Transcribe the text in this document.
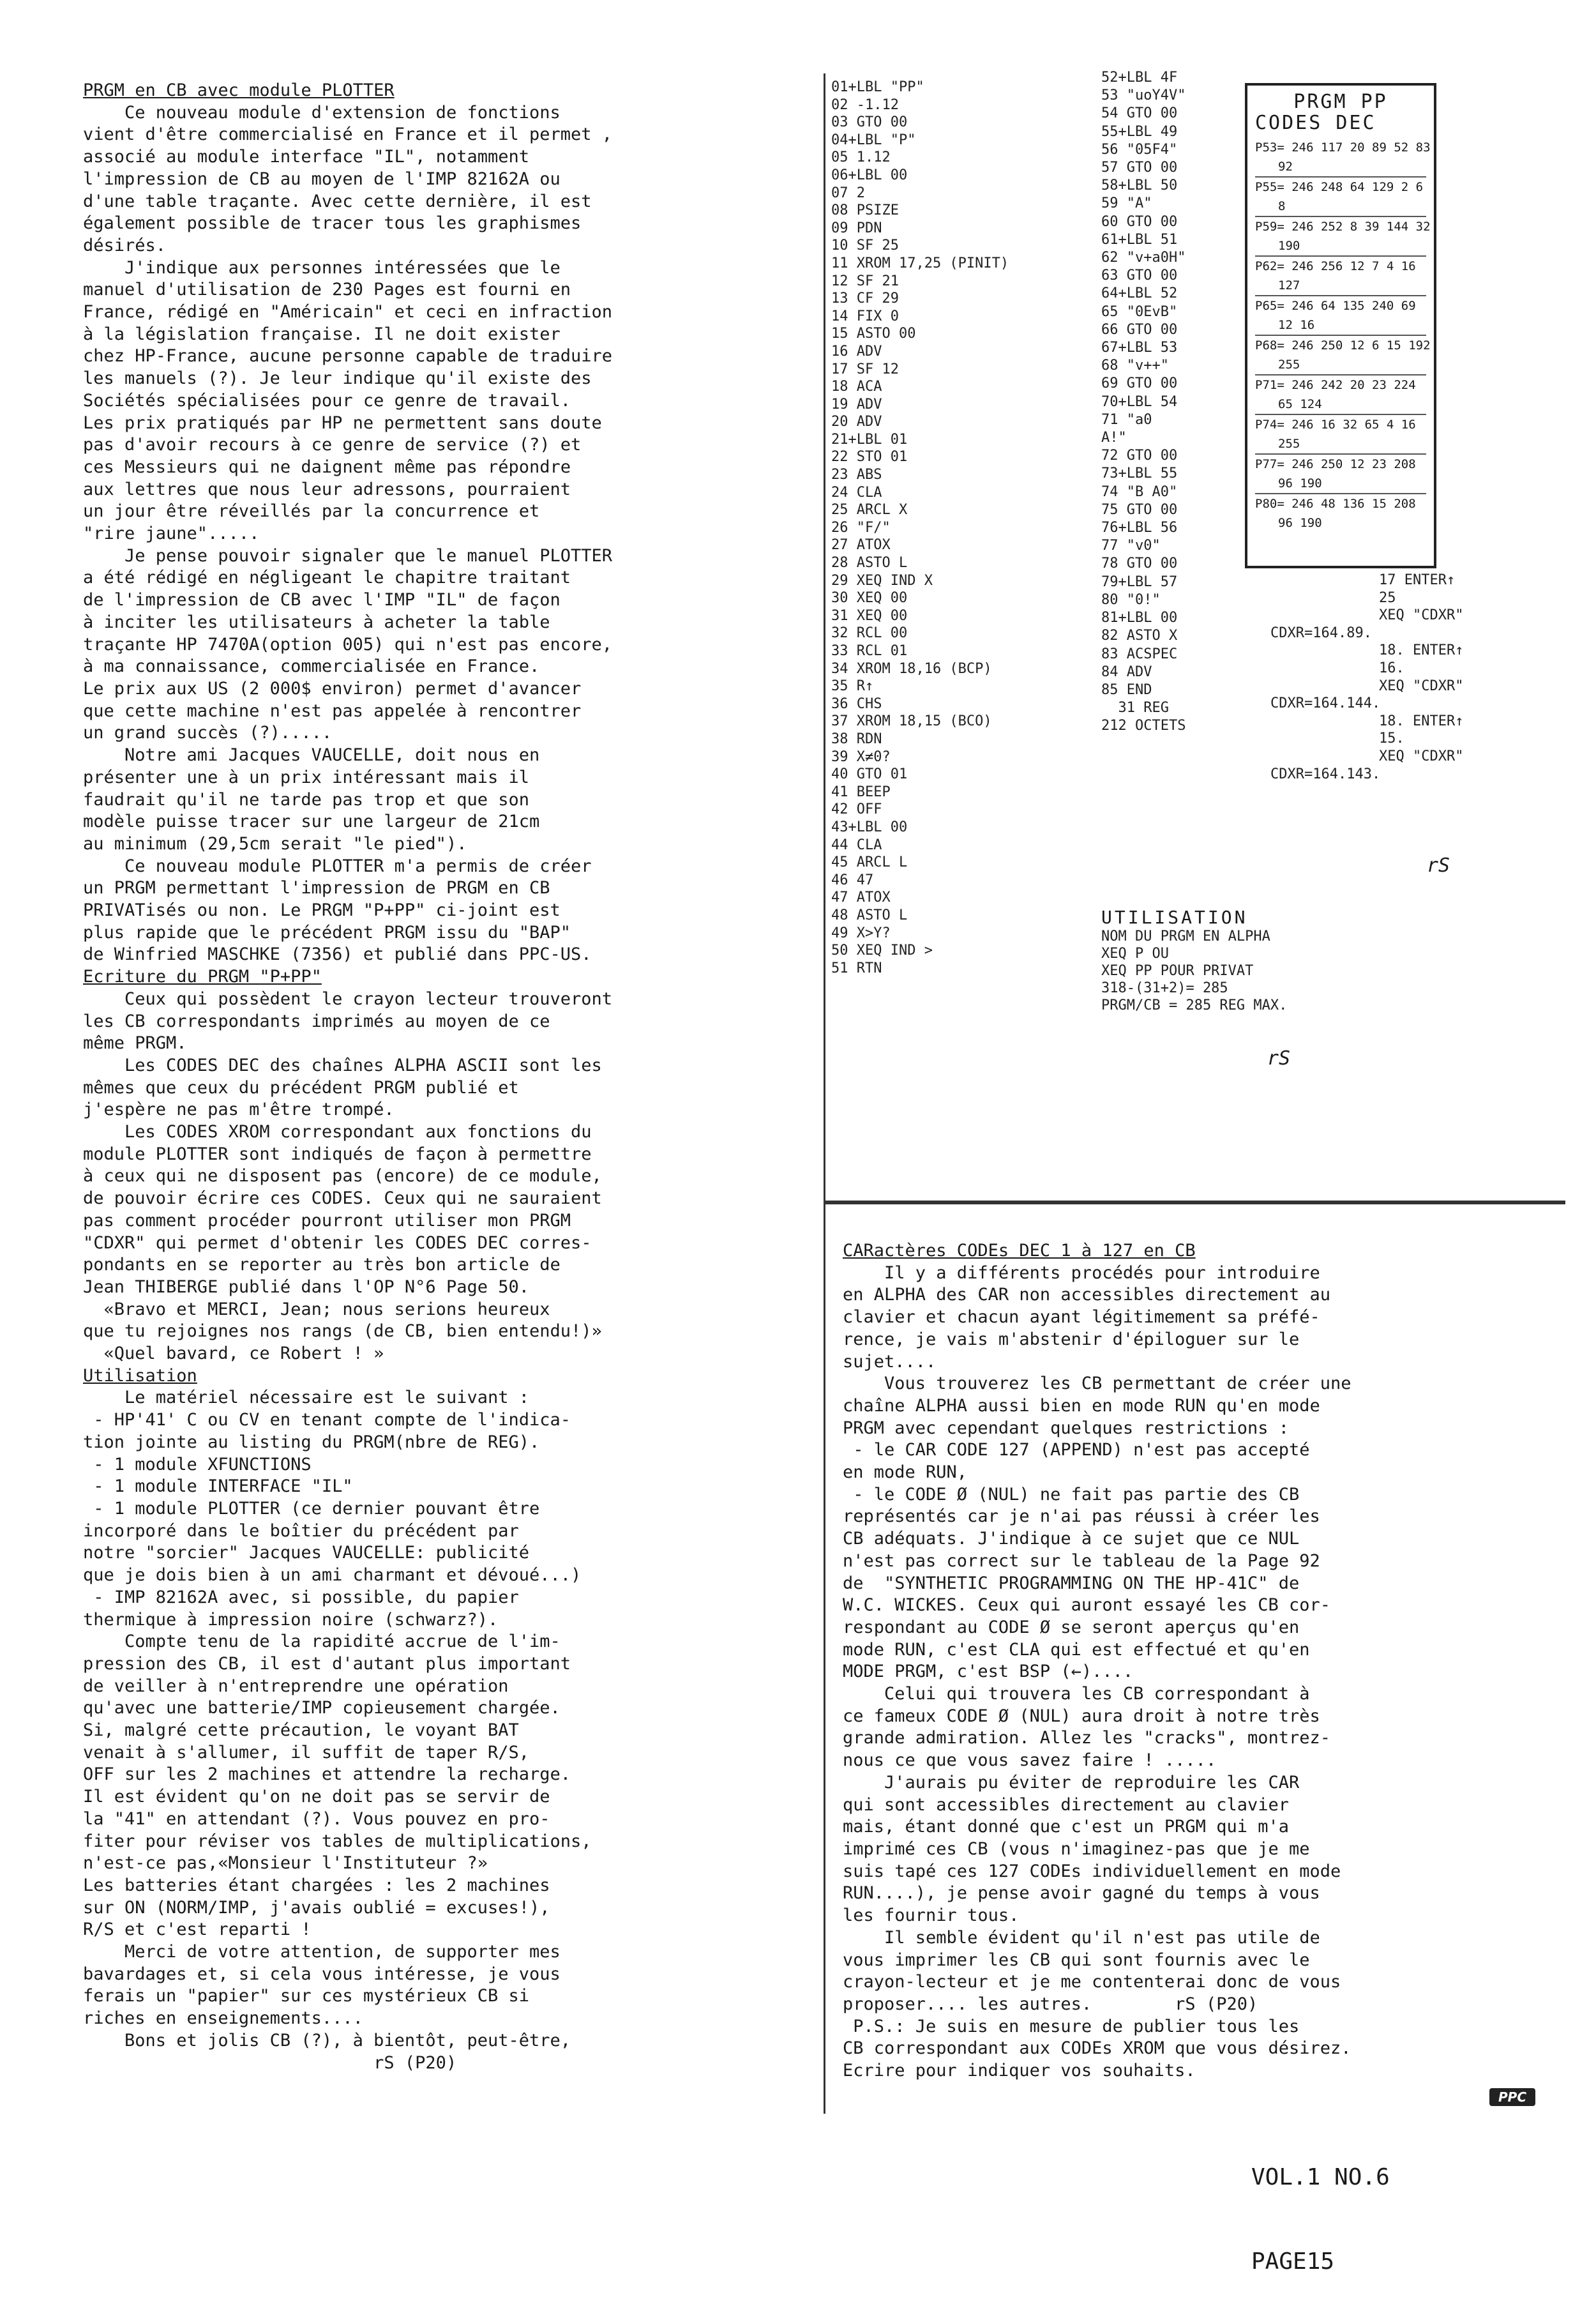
PRGM en CB avec module PLOTTER

Ce nouveau module d'extension de fonctions

vient d'être commercialisé en France et il permet ,

associé au module interface "IL", notamment

l'impression de CB au moyen de l'IMP 82162A ou

d'une table traçante. Avec cette dernière, il est

également possible de tracer tous les graphismes

désirés.

J'indique aux personnes intéressées que le

manuel d'utilisation de 230 Pages est fourni en

France, rédigé en "Américain" et ceci en infraction

à la législation française. Il ne doit exister

chez HP-France, aucune personne capable de traduire

les manuels (?). Je leur indique qu'il existe des

Sociétés spécialisées pour ce genre de travail.

Les prix pratiqués par HP ne permettent sans doute

pas d'avoir recours à ce genre de service (?) et

ces Messieurs qui ne daignent même pas répondre

aux lettres que nous leur adressons, pourraient

un jour être réveillés par la concurrence et

"rire jaune".....

Je pense pouvoir signaler que le manuel PLOTTER

a été rédigé en négligeant le chapitre traitant

de l'impression de CB avec l'IMP "IL" de façon

à inciter les utilisateurs à acheter la table

traçante HP 7470A(option 005) qui n'est pas encore,

à ma connaissance, commercialisée en France.

Le prix aux US (2 000$ environ) permet d'avancer

que cette machine n'est pas appelée à rencontrer

un grand succès (?).....

Notre ami Jacques VAUCELLE, doit nous en

présenter une à un prix intéressant mais il

faudrait qu'il ne tarde pas trop et que son

modèle puisse tracer sur une largeur de 21cm

au minimum (29,5cm serait "le pied").

Ce nouveau module PLOTTER m'a permis de créer

un PRGM permettant l'impression de PRGM en CB

PRIVATisés ou non. Le PRGM "P+PP" ci-joint est

plus rapide que le précédent PRGM issu du "BAP"

de Winfried MASCHKE (7356) et publié dans PPC-US.

Ecriture du PRGM "P+PP"

Ceux qui possèdent le crayon lecteur trouveront

les CB correspondants imprimés au moyen de ce

même PRGM.

Les CODES DEC des chaînes ALPHA ASCII sont les

mêmes que ceux du précédent PRGM publié et

j'espère ne pas m'être trompé.

Les CODES XROM correspondant aux fonctions du

module PLOTTER sont indiqués de façon à permettre

à ceux qui ne disposent pas (encore) de ce module,

de pouvoir écrire ces CODES. Ceux qui ne sauraient

pas comment procéder pourront utiliser mon PRGM

"CDXR" qui permet d'obtenir les CODES DEC corres-

pondants en se reporter au très bon article de

Jean THIBERGE publié dans l'OP N°6 Page 50.

«Bravo et MERCI, Jean; nous serions heureux

que tu rejoignes nos rangs (de CB, bien entendu!)»

«Quel bavard, ce Robert ! »

Utilisation

Le matériel nécessaire est le suivant :

- HP'41' C ou CV en tenant compte de l'indica-

tion jointe au listing du PRGM(nbre de REG).

- 1 module XFUNCTIONS

- 1 module INTERFACE "IL"

- 1 module PLOTTER (ce dernier pouvant être

incorporé dans le boîtier du précédent par

notre "sorcier" Jacques VAUCELLE: publicité

que je dois bien à un ami charmant et dévoué...)

- IMP 82162A avec, si possible, du papier

thermique à impression noire (schwarz?).

Compte tenu de la rapidité accrue de l'im-

pression des CB, il est d'autant plus important

de veiller à n'entreprendre une opération

qu'avec une batterie/IMP copieusement chargée.

Si, malgré cette précaution, le voyant BAT

venait à s'allumer, il suffit de taper R/S,

OFF sur les 2 machines et attendre la recharge.

Il est évident qu'on ne doit pas se servir de

la "41" en attendant (?). Vous pouvez en pro-

fiter pour réviser vos tables de multiplications,

n'est-ce pas,«Monsieur l'Instituteur ?»

Les batteries étant chargées : les 2 machines

sur ON (NORM/IMP, j'avais oublié = excuses!),

R/S et c'est reparti !

Merci de votre attention, de supporter mes

bavardages et, si cela vous intéresse, je vous

ferais un "papier" sur ces mystérieux CB si

riches en enseignements....

Bons et jolis CB (?), à bientôt, peut-être,

rS (P20)

01+LBL "PP"
02 -1.12
03 GTO 00
04+LBL "P"
05 1.12
06+LBL 00
07 2
08 PSIZE
09 PDN
10 SF 25
11 XROM 17,25 (PINIT)
12 SF 21
13 CF 29
14 FIX 0
15 ASTO 00
16 ADV
17 SF 12
18 ACA
19 ADV
20 ADV
21+LBL 01
22 STO 01
23 ABS
24 CLA
25 ARCL X
26 "F/"
27 ATOX
28 ASTO L
29 XEQ IND X
30 XEQ 00
31 XEQ 00
32 RCL 00
33 RCL 01
34 XROM 18,16 (BCP)
35 R↑
36 CHS
37 XROM 18,15 (BCO)
38 RDN
39 X≠0?
40 GTO 01
41 BEEP
42 OFF
43+LBL 00
44 CLA
45 ARCL L
46 47
47 ATOX
48 ASTO L
49 X>Y?
50 XEQ IND >
51 RTN
52+LBL 4F
53 "uoY4V"
54 GTO 00
55+LBL 49
56 "05F4"
57 GTO 00
58+LBL 50
59 "A"
60 GTO 00
61+LBL 51
62 "v+a0H"
63 GTO 00
64+LBL 52
65 "0EvB"
66 GTO 00
67+LBL 53
68 "v++"
69 GTO 00
70+LBL 54
71 "a0
A!"
72 GTO 00
73+LBL 55
74 "B A0"
75 GTO 00
76+LBL 56
77 "v0"
78 GTO 00
79+LBL 57
80 "0!"
81+LBL 00
82 ASTO X
83 ACSPEC
84 ADV
85 END
31 REG
212 OCTETS
PRGM PP
CODES DEC
P53= 246 117 20 89 52 83
92
P55= 246 248 64 129 2 6
8
P59= 246 252 8 39 144 32
190
P62= 246 256 12 7 4 16
127
P65= 246 64 135 240 69
12 16
P68= 246 250 12 6 15 192
255
P71= 246 242 20 23 224
65 124
P74= 246 16 32 65 4 16
255
P77= 246 250 12 23 208
96 190
P80= 246 48 136 15 208
96 190
17 ENTER↑
25
XEQ "CDXR"
CDXR=164.89.
18. ENTER↑
16.
XEQ "CDXR"
CDXR=164.144.
18. ENTER↑
15.
XEQ "CDXR"
CDXR=164.143.
rS
UTILISATION
NOM DU PRGM EN ALPHA
XEQ P OU
XEQ PP POUR PRIVAT
318-(31+2)= 285
PRGM/CB = 285 REG MAX.
rS

CARactères CODEs DEC 1 à 127 en CB

Il y a différents procédés pour introduire

en ALPHA des CAR non accessibles directement au

clavier et chacun ayant légitimement sa préfé-

rence, je vais m'abstenir d'épiloguer sur le

sujet....

Vous trouverez les CB permettant de créer une

chaîne ALPHA aussi bien en mode RUN qu'en mode

PRGM avec cependant quelques restrictions :

- le CAR CODE 127 (APPEND) n'est pas accepté

en mode RUN,

- le CODE Ø (NUL) ne fait pas partie des CB

représentés car je n'ai pas réussi à créer les

CB adéquats. J'indique à ce sujet que ce NUL

n'est pas correct sur le tableau de la Page 92

de  "SYNTHETIC PROGRAMMING ON THE HP-41C" de

W.C. WICKES. Ceux qui auront essayé les CB cor-

respondant au CODE Ø se seront aperçus qu'en

mode RUN, c'est CLA qui est effectué et qu'en

MODE PRGM, c'est BSP (←)....

Celui qui trouvera les CB correspondant à

ce fameux CODE Ø (NUL) aura droit à notre très

grande admiration. Allez les "cracks", montrez-

nous ce que vous savez faire ! .....

J'aurais pu éviter de reproduire les CAR

qui sont accessibles directement au clavier

mais, étant donné que c'est un PRGM qui m'a

imprimé ces CB (vous n'imaginez-pas que je me

suis tapé ces 127 CODEs individuellement en mode

RUN....), je pense avoir gagné du temps à vous

les fournir tous.

Il semble évident qu'il n'est pas utile de

vous imprimer les CB qui sont fournis avec le

crayon-lecteur et je me contenterai donc de vous

proposer.... les autres.        rS (P20)

P.S.: Je suis en mesure de publier tous les

CB correspondant aux CODEs XROM que vous désirez.

Ecrire pour indiquer vos souhaits.

VOL.1 NO.6

PAGE15

PPC
